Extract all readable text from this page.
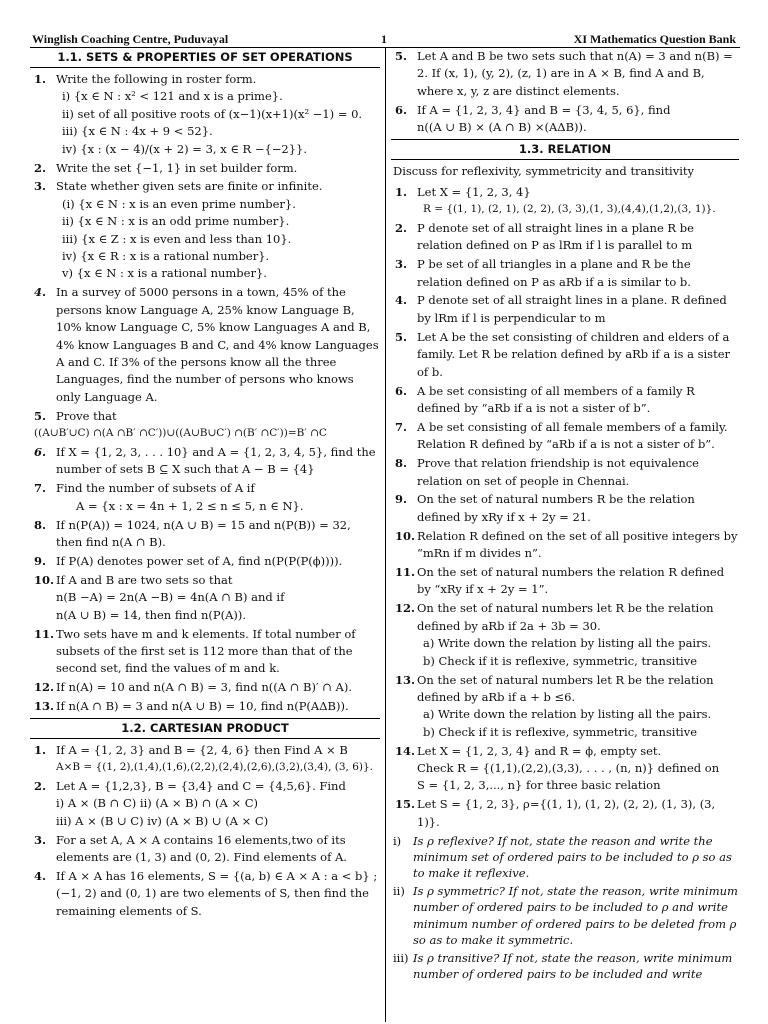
Winglish Coaching Centre, Puduvayal	1	XI Mathematics Question Bank
1.1. SETS & PROPERTIES OF SET OPERATIONS
1. Write the following in roster form.
i) {x ∈ N : x² < 121 and x is a prime}.
ii) set of all positive roots of (x−1)(x+1)(x² −1) = 0.
iii) {x ∈ N : 4x + 9 < 52}.
iv) {x : (x − 4)/(x + 2) = 3, x ∈ R −{−2}}.
2. Write the set {−1, 1} in set builder form.
3. State whether given sets are finite or infinite.
(i) {x ∈ N : x is an even prime number}.
ii) {x ∈ N : x is an odd prime number}.
iii) {x ∈ Z : x is even and less than 10}.
iv) {x ∈ R : x is a rational number}.
v) {x ∈ N : x is a rational number}.
4. In a survey of 5000 persons in a town, 45% of the persons know Language A, 25% know Language B, 10% know Language C, 5% know Languages A and B, 4% know Languages B and C, and 4% know Languages A and C. If 3% of the persons know all the three Languages, find the number of persons who knows only Language A.
5. Prove that
((A∪B′∪C) ∩(A ∩B′ ∩C′))∪((A∪B∪C′) ∩(B′ ∩C′))=B′ ∩C
6. If X = {1, 2, 3, . . . 10} and A = {1, 2, 3, 4, 5}, find the number of sets B ⊆ X such that A − B = {4}
7. Find the number of subsets of A if
A = {x : x = 4n + 1, 2 ≤ n ≤ 5, n ∈ N}.
8. If n(P(A)) = 1024, n(A ∪ B) = 15 and n(P(B)) = 32, then find n(A ∩ B).
9. If P(A) denotes power set of A, find n(P(P(P(ϕ)))).
10. If A and B are two sets so that
n(B −A) = 2n(A −B) = 4n(A ∩ B) and if
n(A ∪ B) = 14, then find n(P(A)).
11. Two sets have m and k elements. If total number of subsets of the first set is 112 more than that of the second set, find the values of m and k.
12. If n(A) = 10 and n(A ∩ B) = 3, find n((A ∩ B)′ ∩ A).
13. If n(A ∩ B) = 3 and n(A ∪ B) = 10, find n(P(AΔB)).
1.2. CARTESIAN PRODUCT
1. If A = {1, 2, 3} and B = {2, 4, 6} then Find A × B
A×B = {(1, 2),(1,4),(1,6),(2,2),(2,4),(2,6),(3,2),(3,4), (3, 6)}.
2. Let A = {1,2,3}, B = {3,4} and C = {4,5,6}. Find
i) A × (B ∩ C) ii) (A × B) ∩ (A × C)
iii) A × (B ∪ C) iv) (A × B) ∪ (A × C)
3. For a set A, A × A contains 16 elements,two of its elements are (1, 3) and (0, 2). Find elements of A.
4. If A × A has 16 elements, S = {(a, b) ∈ A × A : a < b} ; (−1, 2) and (0, 1) are two elements of S, then find the remaining elements of S.
5. Let A and B be two sets such that n(A) = 3 and n(B) = 2. If (x, 1), (y, 2), (z, 1) are in A × B, find A and B, where x, y, z are distinct elements.
6. If A = {1, 2, 3, 4} and B = {3, 4, 5, 6}, find
n((A ∪ B) × (A ∩ B) ×(AΔB)).
1.3. RELATION
Discuss for reflexivity, symmetricity and transitivity
1. Let X = {1, 2, 3, 4}
R = {(1, 1), (2, 1), (2, 2), (3, 3),(1, 3),(4,4),(1,2),(3, 1)}.
2. P denote set of all straight lines in a plane R be relation defined on P as lRm if l is parallel to m
3. P be set of all triangles in a plane and R be the relation defined on P as aRb if a is similar to b.
4. P denote set of all straight lines in a plane. R defined by lRm if l is perpendicular to m
5. Let A be the set consisting of children and elders of a family. Let R be relation defined by aRb if a is a sister of b.
6. A be set consisting of all members of a family R defined by “aRb if a is not a sister of b”.
7. A be set consisting of all female members of a family. Relation R defined by “aRb if a is not a sister of b”.
8. Prove that relation friendship is not equivalence relation on set of people in Chennai.
9. On the set of natural numbers R be the relation defined by xRy if x + 2y = 21.
10. Relation R defined on the set of all positive integers by “mRn if m divides n”.
11. On the set of natural numbers the relation R defined by “xRy if x + 2y = 1”.
12. On the set of natural numbers let R be the relation defined by aRb if 2a + 3b = 30.
a) Write down the relation by listing all the pairs.
b) Check if it is reflexive, symmetric, transitive
13. On the set of natural numbers let R be the relation defined by aRb if a + b ≤6.
a) Write down the relation by listing all the pairs.
b) Check if it is reflexive, symmetric, transitive
14. Let X = {1, 2, 3, 4} and R = ϕ, empty set.
Check R = {(1,1),(2,2),(3,3), . . . , (n, n)} defined on
S = {1, 2, 3,..., n} for three basic relation
15. Let S = {1, 2, 3}, ρ={(1, 1), (1, 2), (2, 2), (1, 3), (3, 1)}.
i) Is ρ reflexive? If not, state the reason and write the minimum set of ordered pairs to be included to ρ so as to make it reflexive.
ii) Is ρ symmetric? If not, state the reason, write minimum number of ordered pairs to be included to ρ and write minimum number of ordered pairs to be deleted from ρ so as to make it symmetric.
iii) Is ρ transitive? If not, state the reason, write minimum number of ordered pairs to be included and write
